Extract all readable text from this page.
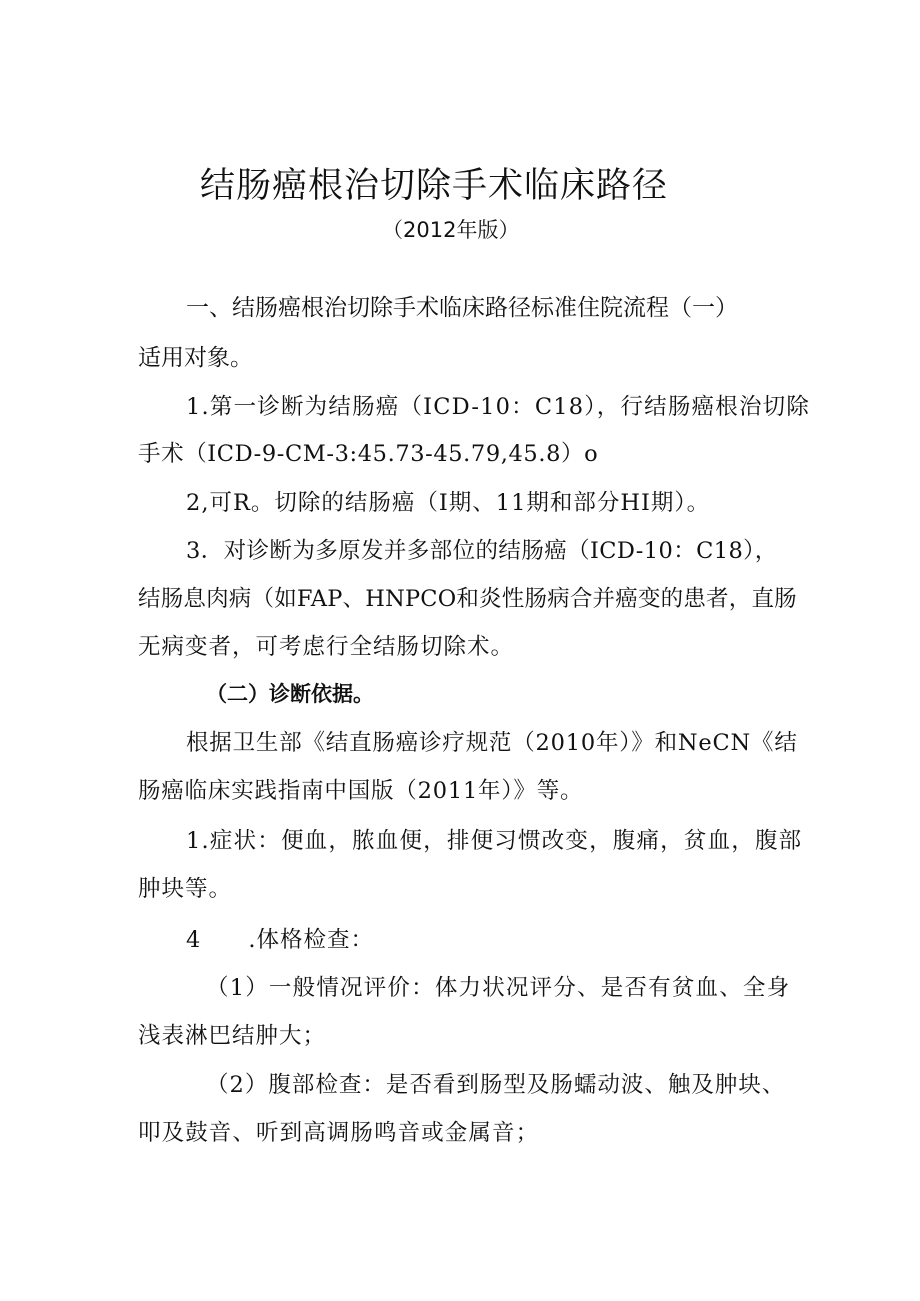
结肠癌根治切除手术临床路径
（2012年版）
一、结肠癌根治切除手术临床路径标准住院流程（一）
适用对象。
1.第一诊断为结肠癌（ICD-10：C18），行结肠癌根治切除
手术（ICD-9-CM-3:45.73-45.79,45.8）o
2,可R。切除的结肠癌（I期、11期和部分HI期）。
3．对诊断为多原发并多部位的结肠癌（ICD-10：C18），
结肠息肉病（如FAP、HNPCO和炎性肠病合并癌变的患者，直肠
无病变者，可考虑行全结肠切除术。
（二）诊断依据。
根据卫生部《结直肠癌诊疗规范（2010年）》和NeCN《结
肠癌临床实践指南中国版（2011年）》等。
1.症状：便血，脓血便，排便习惯改变，腹痛，贫血，腹部
肿块等。
4　　.体格检查：
（1）一般情况评价：体力状况评分、是否有贫血、全身
浅表淋巴结肿大；
（2）腹部检查：是否看到肠型及肠蠕动波、触及肿块、
叩及鼓音、听到高调肠鸣音或金属音；
